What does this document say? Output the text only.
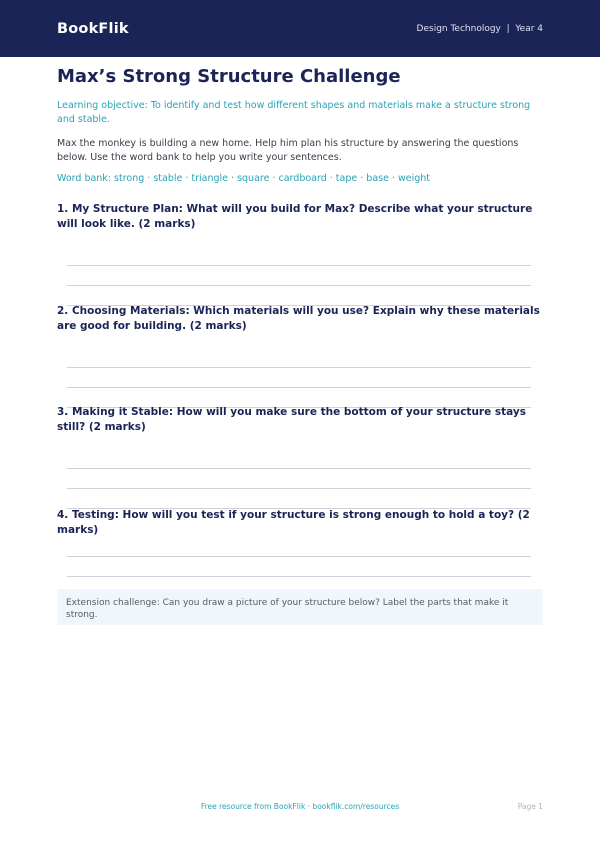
BookFlik	Design Technology  |  Year 4
Max’s Strong Structure Challenge

Learning objective: To identify and test how different shapes and materials make a structure strong and stable.

Max the monkey is building a new home. Help him plan his structure by answering the questions below. Use the word bank to help you write your sentences.

Word bank: strong · stable · triangle · square · cardboard · tape · base · weight

1. My Structure Plan: What will you build for Max? Describe what your structure will look like. (2 marks)

2. Choosing Materials: Which materials will you use? Explain why these materials are good for building. (2 marks)

3. Making it Stable: How will you make sure the bottom of your structure stays still? (2 marks)

4. Testing: How will you test if your structure is strong enough to hold a toy? (2 marks)

Extension challenge: Can you draw a picture of your structure below? Label the parts that make it strong.
Free resource from BookFlik · bookflik.com/resources	Page 1
